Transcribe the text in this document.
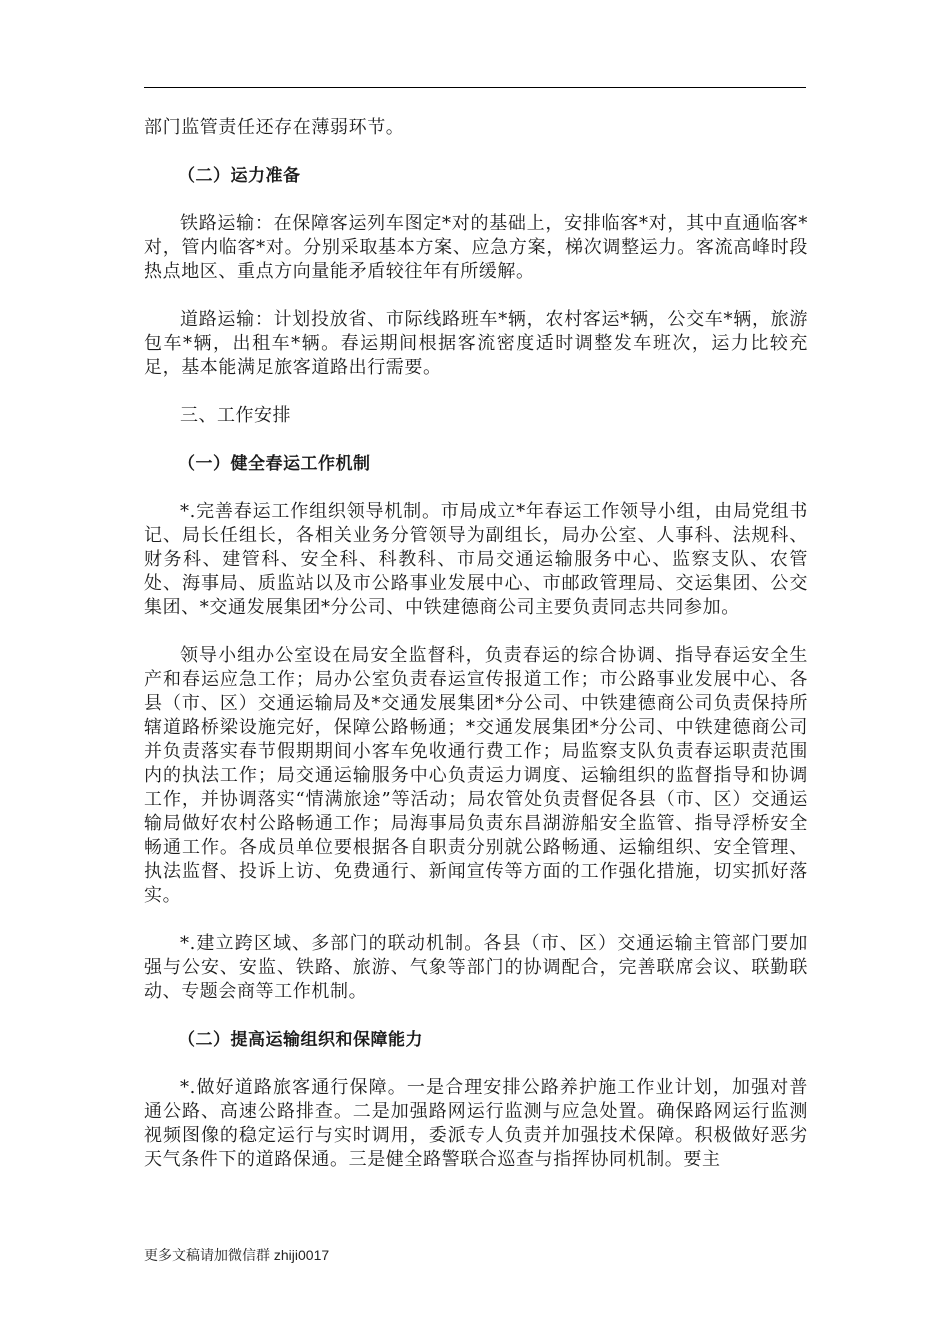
部门监管责任还存在薄弱环节。

（二）运力准备

铁路运输：在保障客运列车图定*对的基础上，安排临客*对，其中直通临客*对，管内临客*对。分别采取基本方案、应急方案，梯次调整运力。客流高峰时段热点地区、重点方向量能矛盾较往年有所缓解。

道路运输：计划投放省、市际线路班车*辆，农村客运*辆，公交车*辆，旅游包车*辆，出租车*辆。春运期间根据客流密度适时调整发车班次，运力比较充足，基本能满足旅客道路出行需要。

三、工作安排

（一）健全春运工作机制

*.完善春运工作组织领导机制。市局成立*年春运工作领导小组，由局党组书记、局长任组长，各相关业务分管领导为副组长，局办公室、人事科、法规科、财务科、建管科、安全科、科教科、市局交通运输服务中心、监察支队、农管处、海事局、质监站以及市公路事业发展中心、市邮政管理局、交运集团、公交集团、*交通发展集团*分公司、中铁建德商公司主要负责同志共同参加。

领导小组办公室设在局安全监督科，负责春运的综合协调、指导春运安全生产和春运应急工作；局办公室负责春运宣传报道工作；市公路事业发展中心、各县（市、区）交通运输局及*交通发展集团*分公司、中铁建德商公司负责保持所辖道路桥梁设施完好，保障公路畅通；*交通发展集团*分公司、中铁建德商公司并负责落实春节假期期间小客车免收通行费工作；局监察支队负责春运职责范围内的执法工作；局交通运输服务中心负责运力调度、运输组织的监督指导和协调工作，并协调落实“情满旅途”等活动；局农管处负责督促各县（市、区）交通运输局做好农村公路畅通工作；局海事局负责东昌湖游船安全监管、指导浮桥安全畅通工作。各成员单位要根据各自职责分别就公路畅通、运输组织、安全管理、执法监督、投诉上访、免费通行、新闻宣传等方面的工作强化措施，切实抓好落实。

*.建立跨区域、多部门的联动机制。各县（市、区）交通运输主管部门要加强与公安、安监、铁路、旅游、气象等部门的协调配合，完善联席会议、联勤联动、专题会商等工作机制。

（二）提高运输组织和保障能力

*.做好道路旅客通行保障。一是合理安排公路养护施工作业计划，加强对普通公路、高速公路排查。二是加强路网运行监测与应急处置。确保路网运行监测视频图像的稳定运行与实时调用，委派专人负责并加强技术保障。积极做好恶劣天气条件下的道路保通。三是健全路警联合巡查与指挥协同机制。要主

更多文稿请加微信群 zhiji0017
